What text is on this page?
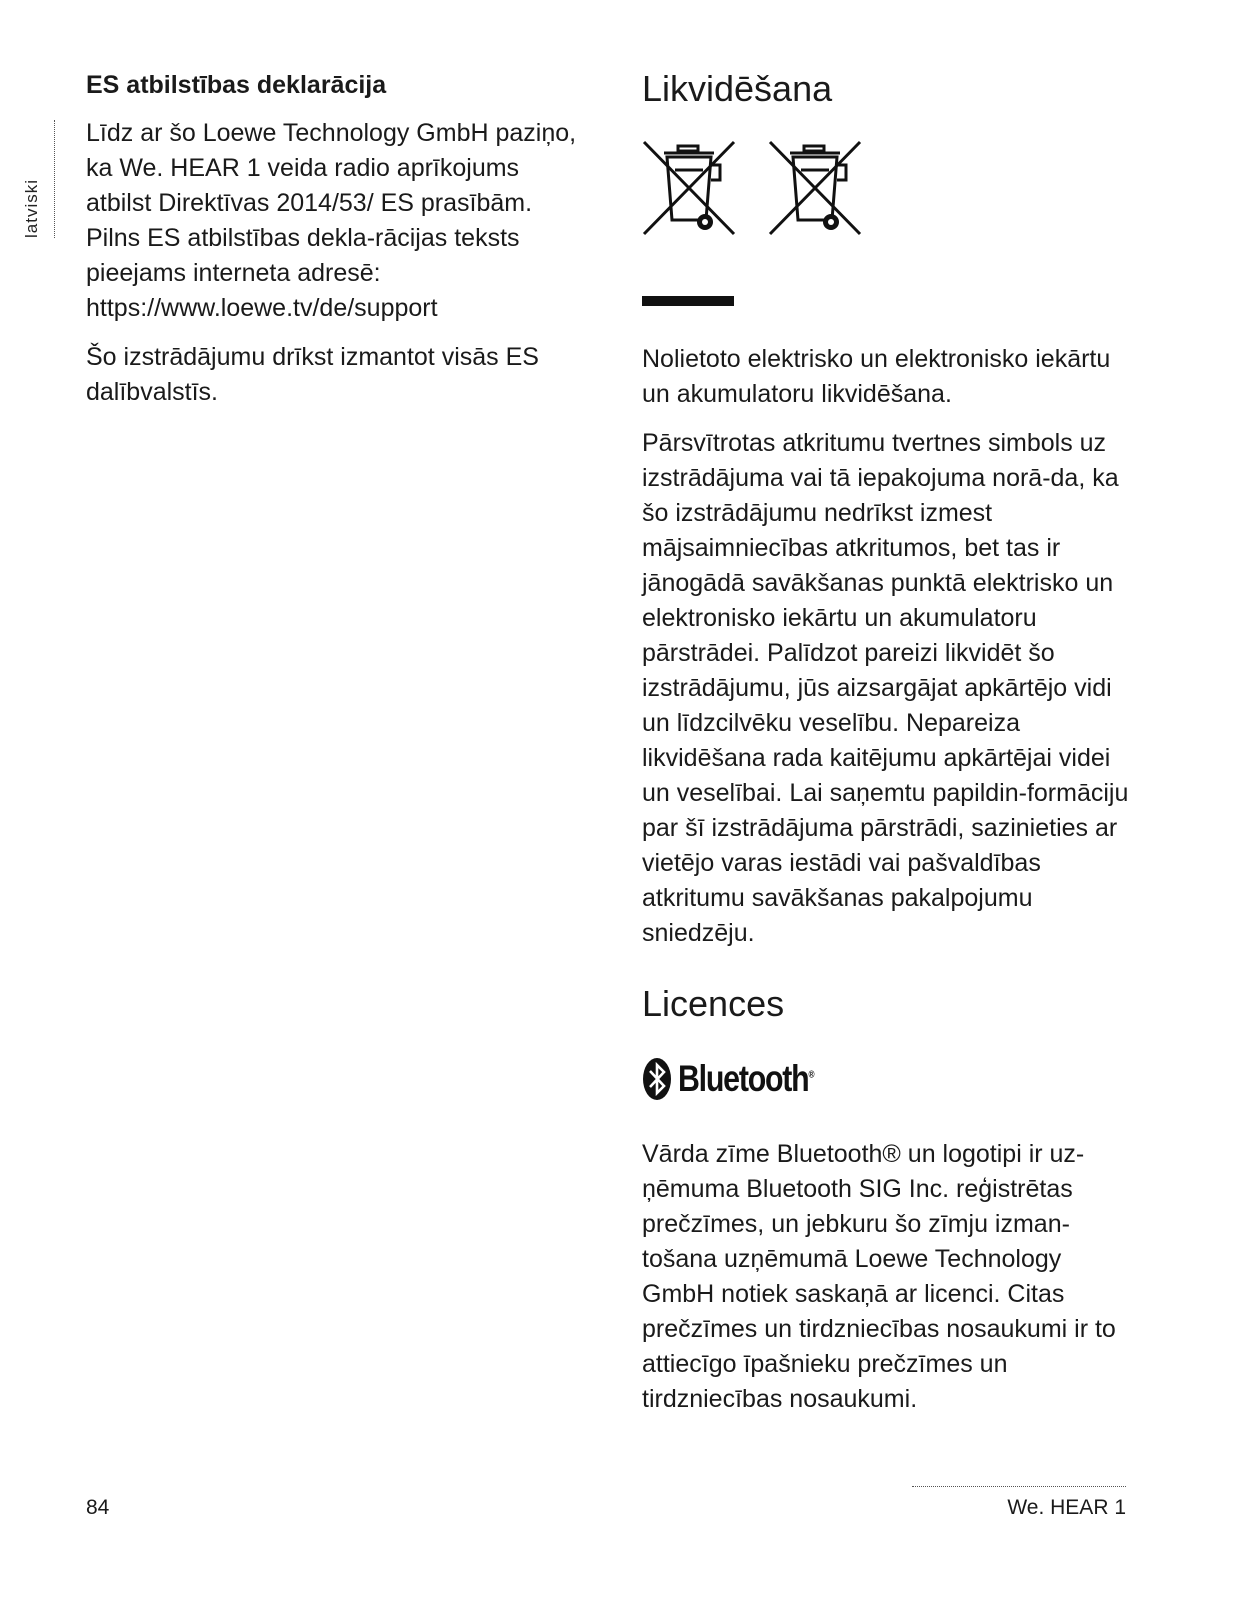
latviski
ES atbilstības deklarācija

Līdz ar šo Loewe Technology GmbH paziņo, ka We. HEAR 1 veida radio aprīkojums atbilst Direktīvas 2014/53/ ES prasībām. Pilns ES atbilstības dekla-rācijas teksts pieejams interneta adresē: https://www.loewe.tv/de/support

Šo izstrādājumu drīkst izmantot visās ES dalībvalstīs.

Likvidēšana

Nolietoto elektrisko un elektronisko iekārtu un akumulatoru likvidēšana.

Pārsvītrotas atkritumu tvertnes simbols uz izstrādājuma vai tā iepakojuma norā-da, ka šo izstrādājumu nedrīkst izmest mājsaimniecības atkritumos, bet tas ir jānogādā savākšanas punktā elektrisko un elektronisko iekārtu un akumulatoru pārstrādei. Palīdzot pareizi likvidēt šo izstrādājumu, jūs aizsargājat apkārtējo vidi un līdzcilvēku veselību. Nepareiza likvidēšana rada kaitējumu apkārtējai videi un veselībai. Lai saņemtu papildin-formāciju par šī izstrādājuma pārstrādi, sazinieties ar vietējo varas iestādi vai pašvaldības atkritumu savākšanas pakalpojumu sniedzēju.

Licences
Bluetooth®

Vārda zīme Bluetooth® un logotipi ir uz-ņēmuma Bluetooth SIG Inc. reģistrētas prečzīmes, un jebkuru šo zīmju izman-tošana uzņēmumā Loewe Technology GmbH notiek saskaņā ar licenci. Citas prečzīmes un tirdzniecības nosaukumi ir to attiecīgo īpašnieku prečzīmes un tirdzniecības nosaukumi.

84	We. HEAR 1
